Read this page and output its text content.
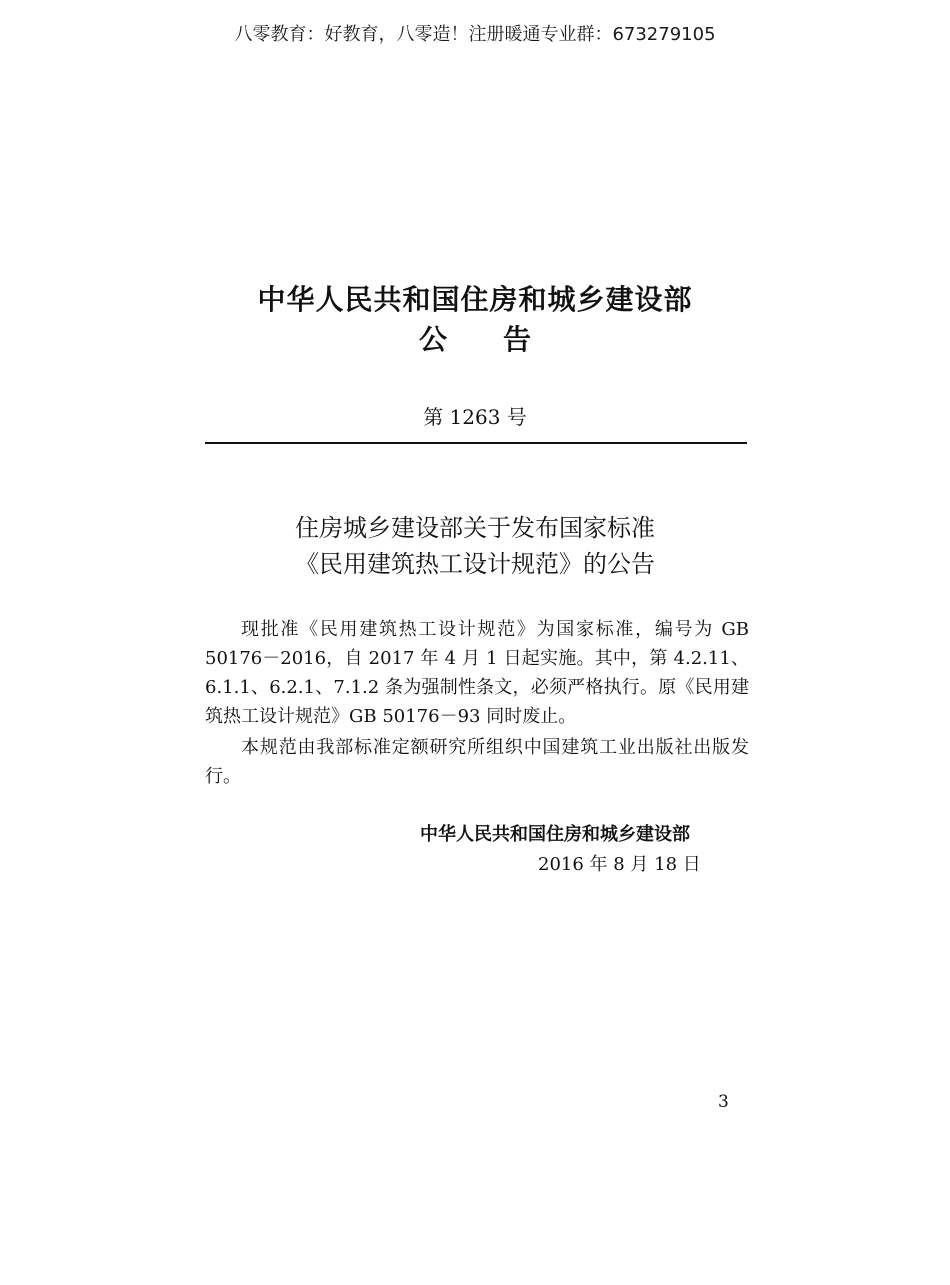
八零教育：好教育，八零造！注册暖通专业群：673279105
中华人民共和国住房和城乡建设部
公告
第 1263 号
住房城乡建设部关于发布国家标准
《民用建筑热工设计规范》的公告

现批准《民用建筑热工设计规范》为国家标准，编号为 GB 50176－2016，自 2017 年 4 月 1 日起实施。其中，第 4.2.11、6.1.1、6.2.1、7.1.2 条为强制性条文，必须严格执行。原《民用建筑热工设计规范》GB 50176－93 同时废止。

本规范由我部标准定额研究所组织中国建筑工业出版社出版发行。

中华人民共和国住房和城乡建设部
2016 年 8 月 18 日
3
